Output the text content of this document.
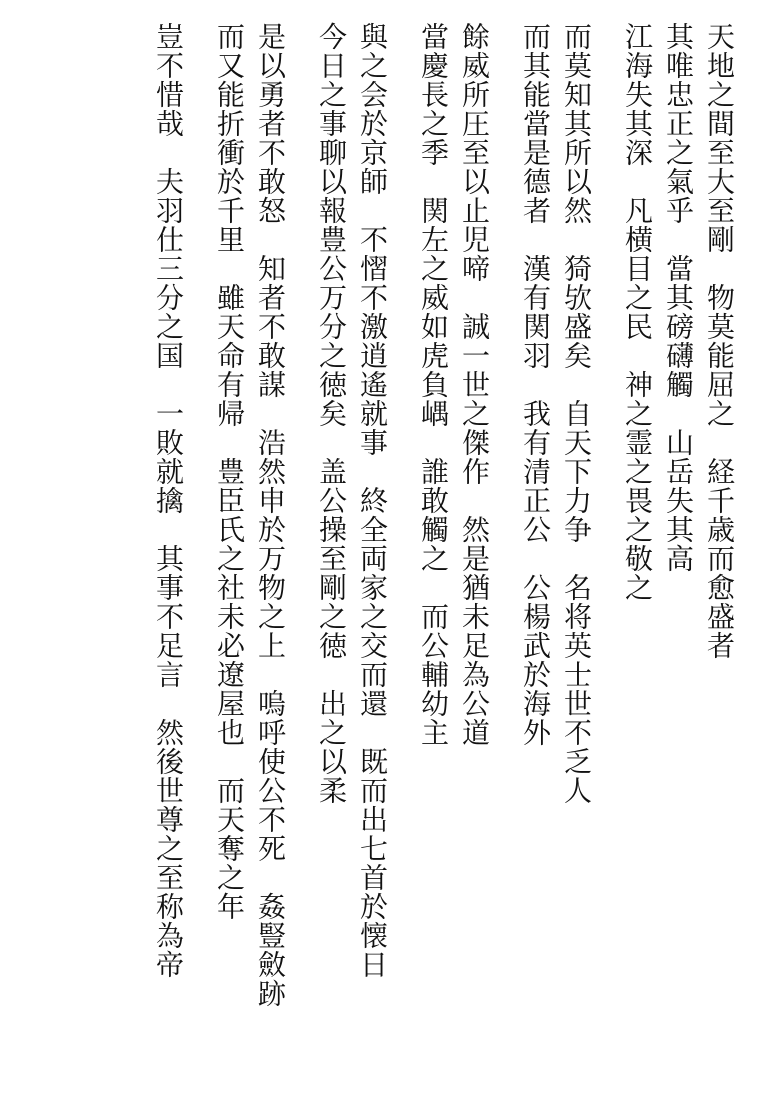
天地之間至大至剛　物莫能屈之　経千歳而愈盛者
其唯忠正之氣乎　當其磅礴觸　山岳失其高
江海失其深　凡横目之民　神之霊之畏之敬之
而莫知其所以然　猗欤盛矣　自天下力争　名将英士世不乏人
而其能當是德者　漢有関羽　我有清正公　公楊武於海外
餘威所圧至以止児啼　誠一世之傑作　然是猶未足為公道
當慶長之季　関左之威如虎負嵎　誰敢觸之　而公輔幼主
與之会於京師　不慴不激逍遙就事　終全両家之交而還　既而出七首於懐日
今日之事聊以報豊公万分之徳矣　盖公操至剛之徳　出之以柔
是以勇者不敢怒　知者不敢謀　浩然申於万物之上　嗚呼使公不死　姦豎斂跡
而又能折衝於千里　雖天命有帰　豊臣氏之社未必遼屋也　而天奪之年
豈不惜哉　夫羽仕三分之国　一敗就擒　其事不足言　然後世尊之至称為帝
